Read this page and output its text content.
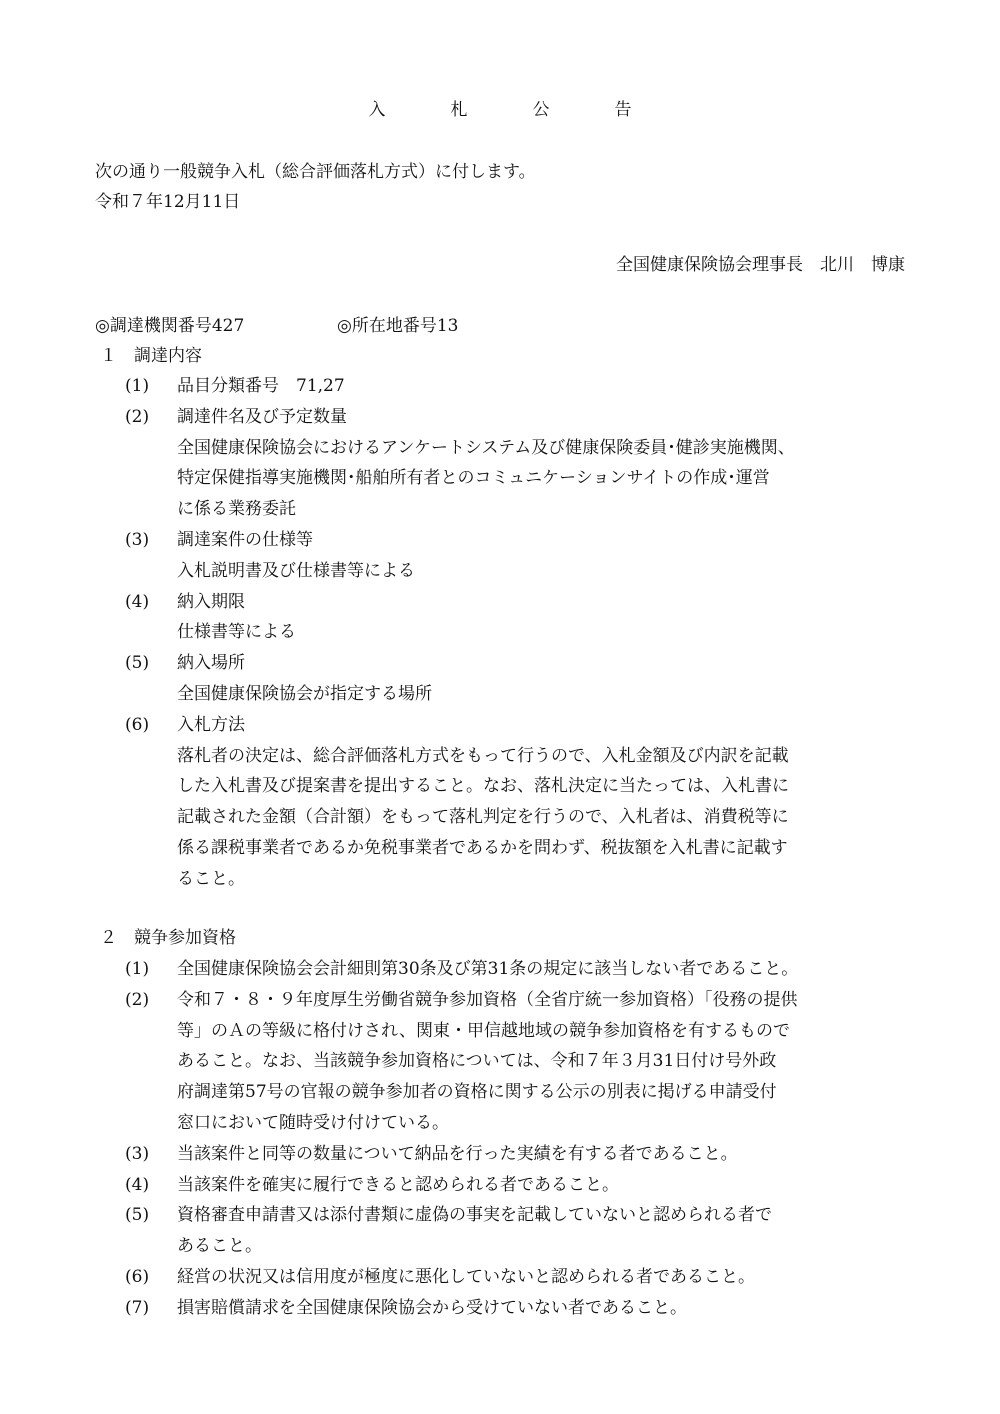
入　札　公　告
次の通り一般競争入札（総合評価落札方式）に付します。
令和７年12月11日
全国健康保険協会理事長　北川　博康
◎調達機関番号427	◎所在地番号13
１　調達内容
(1) 品目分類番号　71,27
(2) 調達件名及び予定数量
全国健康保険協会におけるアンケートシステム及び健康保険委員･健診実施機関、
特定保健指導実施機関･船舶所有者とのコミュニケーションサイトの作成･運営
に係る業務委託
(3) 調達案件の仕様等
入札説明書及び仕様書等による
(4) 納入期限
仕様書等による
(5) 納入場所
全国健康保険協会が指定する場所
(6) 入札方法
落札者の決定は、総合評価落札方式をもって行うので、入札金額及び内訳を記載
した入札書及び提案書を提出すること。なお、落札決定に当たっては、入札書に
記載された金額（合計額）をもって落札判定を行うので、入札者は、消費税等に
係る課税事業者であるか免税事業者であるかを問わず、税抜額を入札書に記載す
ること。
２　競争参加資格
(1) 全国健康保険協会会計細則第30条及び第31条の規定に該当しない者であること。
(2) 令和７・８・９年度厚生労働省競争参加資格（全省庁統一参加資格）「役務の提供
等」のＡの等級に格付けされ、関東・甲信越地域の競争参加資格を有するもので
あること。なお、当該競争参加資格については、令和７年３月31日付け号外政
府調達第57号の官報の競争参加者の資格に関する公示の別表に掲げる申請受付
窓口において随時受け付けている。
(3) 当該案件と同等の数量について納品を行った実績を有する者であること。
(4) 当該案件を確実に履行できると認められる者であること。
(5) 資格審査申請書又は添付書類に虚偽の事実を記載していないと認められる者で
あること。
(6) 経営の状況又は信用度が極度に悪化していないと認められる者であること。
(7) 損害賠償請求を全国健康保険協会から受けていない者であること。
